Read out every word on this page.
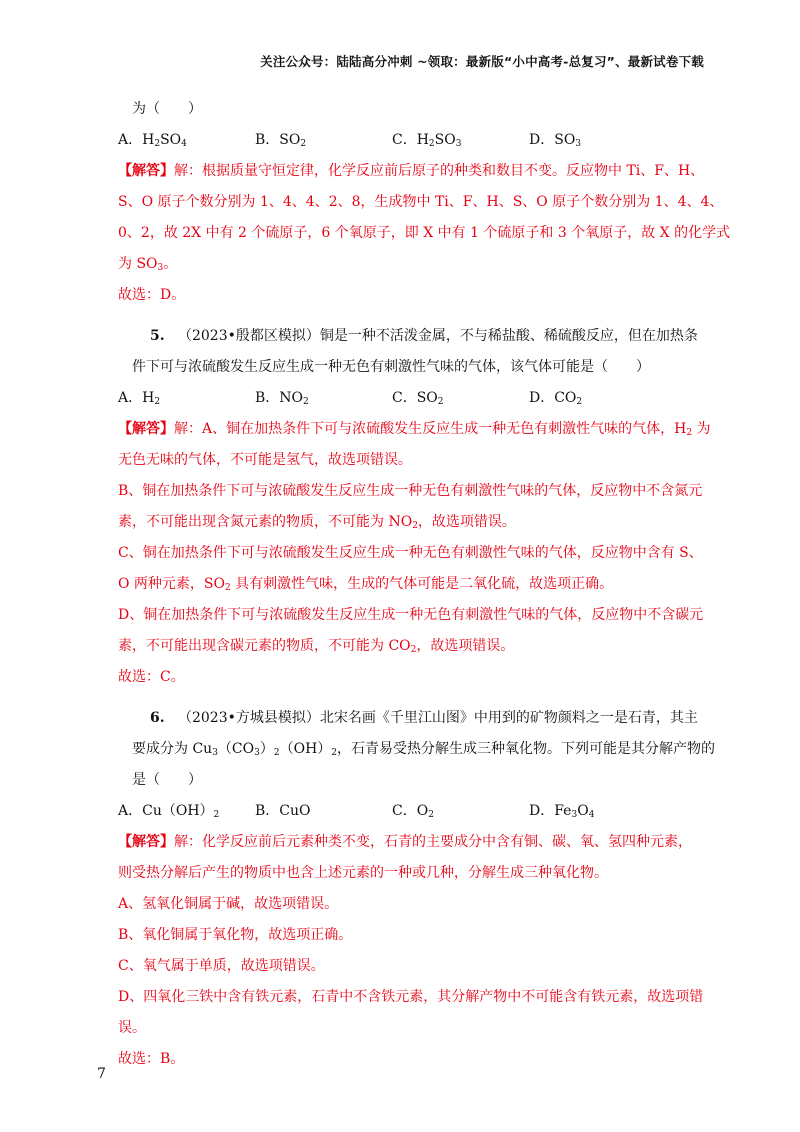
关注公众号：陆陆高分冲刺 ~领取：最新版“小中高考-总复习”、最新试卷下载
为（　　）
A．$H_2SO_4$	B．$SO_2$	C．$H_2SO_3$	D．$SO_3$
【解答】解：根据质量守恒定律，化学反应前后原子的种类和数目不变。反应物中 Ti、F、H、
S、O 原子个数分别为 1、4、4、2、8，生成物中 Ti、F、H、S、O 原子个数分别为 1、4、4、
0、2，故 2X 中有 2 个硫原子，6 个氧原子，即 X 中有 1 个硫原子和 3 个氧原子，故 X 的化学式
为 $SO_3$。
故选：D。
5. （2023•殷都区模拟）铜是一种不活泼金属，不与稀盐酸、稀硫酸反应，但在加热条
件下可与浓硫酸发生反应生成一种无色有刺激性气味的气体，该气体可能是（　　）
A．$H_2$	B．$NO_2$	C．$SO_2$	D．$CO_2$
【解答】解：A、铜在加热条件下可与浓硫酸发生反应生成一种无色有刺激性气味的气体，$H_2$ 为
无色无味的气体，不可能是氢气，故选项错误。
B、铜在加热条件下可与浓硫酸发生反应生成一种无色有刺激性气味的气体，反应物中不含氮元
素，不可能出现含氮元素的物质，不可能为 $NO_2$，故选项错误。
C、铜在加热条件下可与浓硫酸发生反应生成一种无色有刺激性气味的气体，反应物中含有 S、
O 两种元素，$SO_2$ 具有刺激性气味，生成的气体可能是二氧化硫，故选项正确。
D、铜在加热条件下可与浓硫酸发生反应生成一种无色有刺激性气味的气体，反应物中不含碳元
素，不可能出现含碳元素的物质，不可能为 $CO_2$，故选项错误。
故选：C。
6. （2023•方城县模拟）北宋名画《千里江山图》中用到的矿物颜料之一是石青，其主
要成分为 $Cu_3(CO_3)_2(OH)_2$，石青易受热分解生成三种氧化物。下列可能是其分解产物的
是（　　）
A．$Cu(OH)_2$	B．CuO	C．$O_2$	D．$Fe_3O_4$
【解答】解：化学反应前后元素种类不变，石青的主要成分中含有铜、碳、氧、氢四种元素，
则受热分解后产生的物质中也含上述元素的一种或几种，分解生成三种氧化物。
A、氢氧化铜属于碱，故选项错误。
B、氧化铜属于氧化物，故选项正确。
C、氧气属于单质，故选项错误。
D、四氧化三铁中含有铁元素，石青中不含铁元素，其分解产物中不可能含有铁元素，故选项错
误。
故选：B。
7
